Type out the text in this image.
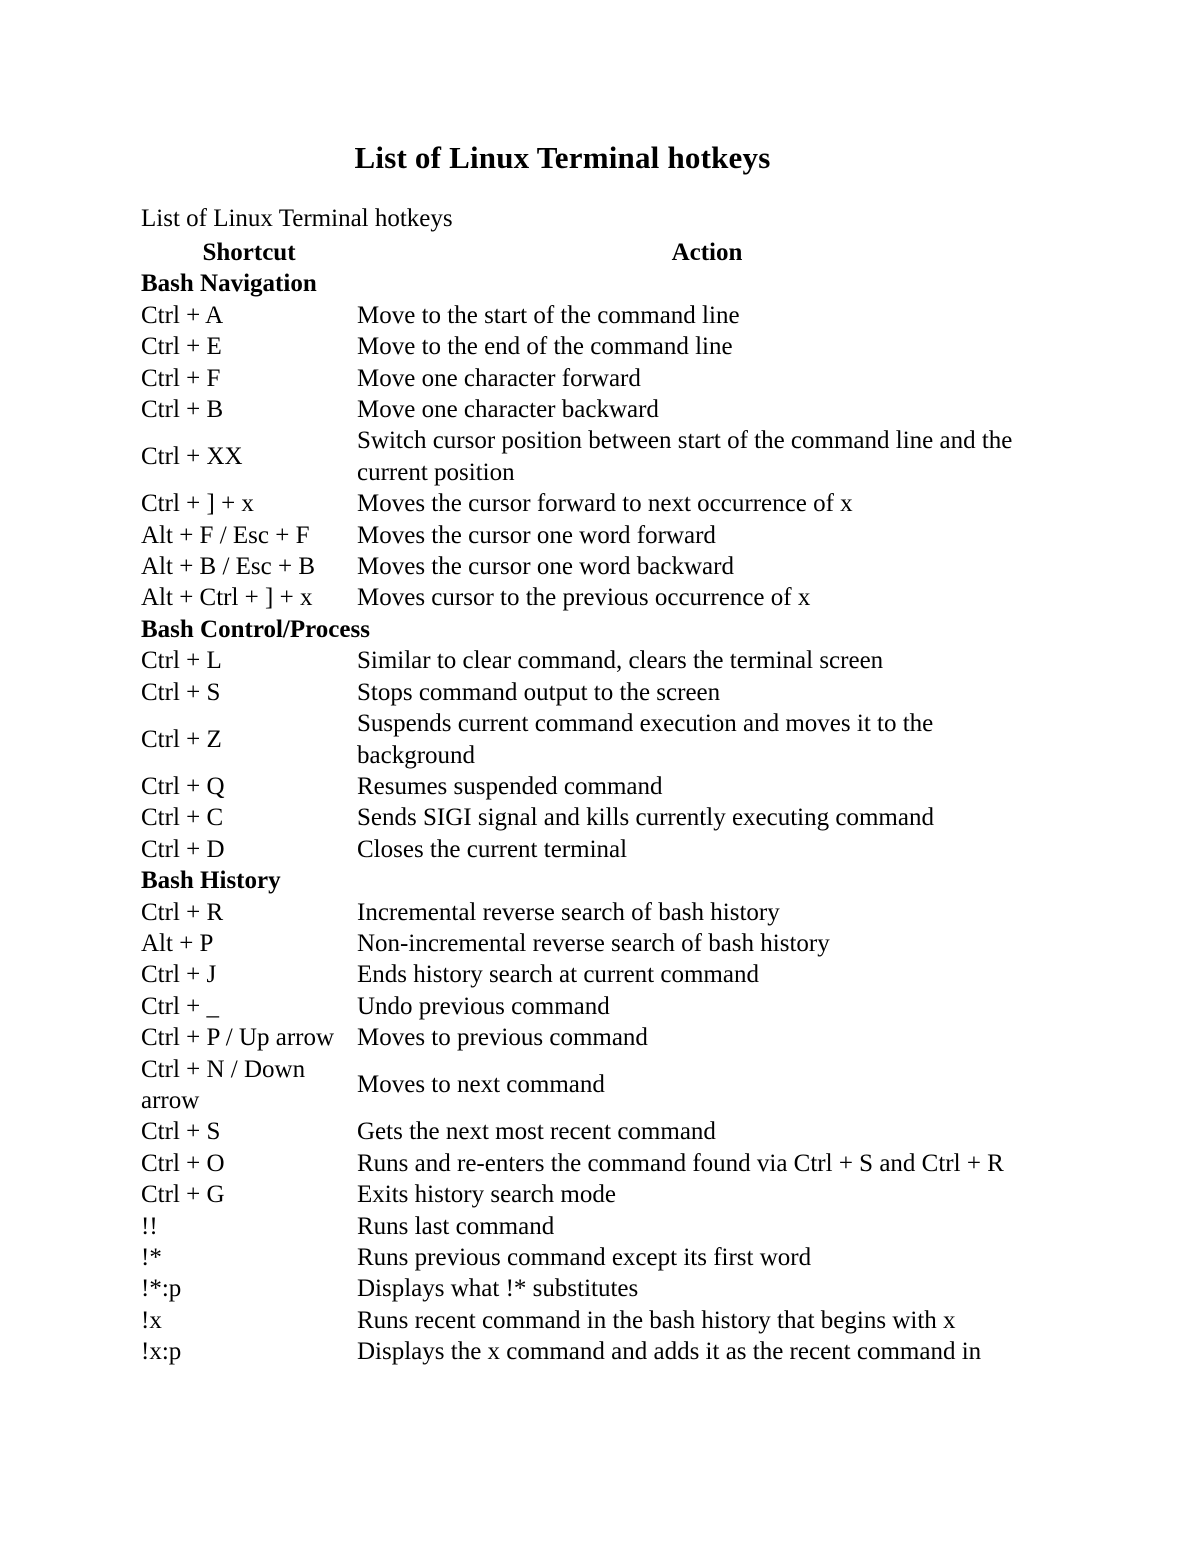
List of Linux Terminal hotkeys
List of Linux Terminal hotkeys
Shortcut	Action
Bash Navigation	
Ctrl + A	Move to the start of the command line
Ctrl + E	Move to the end of the command line
Ctrl + F	Move one character forward
Ctrl + B	Move one character backward
Ctrl + XX	Switch cursor position between start of the command line and the current position
Ctrl + ] + x	Moves the cursor forward to next occurrence of x
Alt + F / Esc + F	Moves the cursor one word forward
Alt + B / Esc + B	Moves the cursor one word backward
Alt + Ctrl + ] + x	Moves cursor to the previous occurrence of x
Bash Control/Process	
Ctrl + L	Similar to clear command, clears the terminal screen
Ctrl + S	Stops command output to the screen
Ctrl + Z	Suspends current command execution and moves it to the background
Ctrl + Q	Resumes suspended command
Ctrl + C	Sends SIGI signal and kills currently executing command
Ctrl + D	Closes the current terminal
Bash History	
Ctrl + R	Incremental reverse search of bash history
Alt + P	Non-incremental reverse search of bash history
Ctrl + J	Ends history search at current command
Ctrl + _	Undo previous command
Ctrl + P / Up arrow	Moves to previous command
Ctrl + N / Down arrow	Moves to next command
Ctrl + S	Gets the next most recent command
Ctrl + O	Runs and re-enters the command found via Ctrl + S and Ctrl + R
Ctrl + G	Exits history search mode
!!	Runs last command
!*	Runs previous command except its first word
!*:p	Displays what !* substitutes
!x	Runs recent command in the bash history that begins with x
!x:p	Displays the x command and adds it as the recent command in
